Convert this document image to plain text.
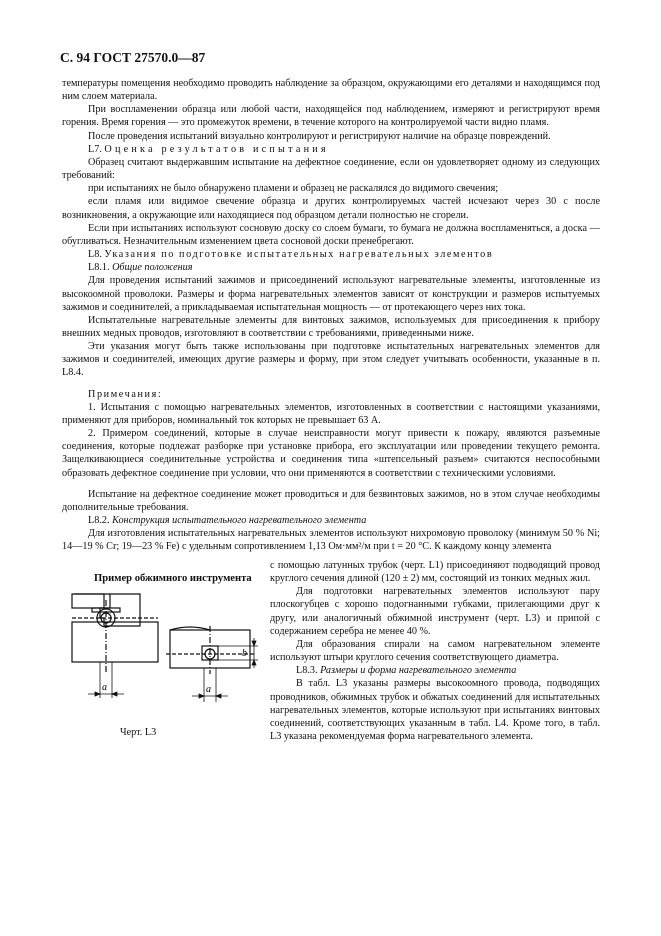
С. 94 ГОСТ 27570.0—87

температуры помещения необходимо проводить наблюдение за образцом, окружающими его деталями и находящимся под ним слоем материала.

При воспламенении образца или любой части, находящейся под наблюдением, измеряют и регистрируют время горения. Время горения — это промежуток времени, в течение которого на контролируемой части видно пламя.

После проведения испытаний визуально контролируют и регистрируют наличие на образце повреждений.

L7. Оценка результатов испытания

Образец считают выдержавшим испытание на дефектное соединение, если он удовлетворяет одному из следующих требований:

при испытаниях не было обнаружено пламени и образец не раскалялся до видимого свечения;

если пламя или видимое свечение образца и других контролируемых частей исчезают через 30 с после возникновения, а окружающие или находящиеся под образцом детали полностью не сгорели.

Если при испытаниях используют сосновую доску со слоем бумаги, то бумага не должна воспламеняться, а доска — обугливаться. Незначительным изменением цвета сосновой доски пренебрегают.

L8. Указания по подготовке испытательных нагревательных элементов

L8.1. Общие положения

Для проведения испытаний зажимов и присоединений используют нагревательные элементы, изготовленные из высокоомной проволоки. Размеры и форма нагревательных элементов зависят от конструкции и размеров испытуемых зажимов и соединителей, а прикладываемая испытательная мощность — от протекающего через них тока.

Испытательные нагревательные элементы для винтовых зажимов, используемых для присоединения к прибору внешних медных проводов, изготовляют в соответствии с требованиями, приведенными ниже.

Эти указания могут быть также использованы при подготовке испытательных нагревательных элементов для зажимов и соединителей, имеющих другие размеры и форму, при этом следует учитывать особенности, указанные в п. L8.4.

Примечания:

1. Испытания с помощью нагревательных элементов, изготовленных в соответствии с настоящими указаниями, применяют для приборов, номинальный ток которых не превышает 63 А.

2. Примером соединений, которые в случае неисправности могут привести к пожару, являются разъемные соединения, которые подлежат разборке при установке прибора, его эксплуатации или проведении текущего ремонта. Защелкивающиеся соединительные устройства и соединения типа «штепсельный разъем» считаются неспособными образовать дефектное соединение при условии, что они применяются в соответствии с техническими условиями.

Испытание на дефектное соединение может проводиться и для безвинтовых зажимов, но в этом случае необходимы дополнительные требования.

L8.2. Конструкция испытательного нагревательного элемента

Для изготовления испытательных нагревательных элементов используют нихромовую проволоку (минимум 50 % Ni; 14—19 % Cr; 19—23 % Fe) с удельным сопротивлением 1,13 Ом·мм²/м при t = 20 °C. К каждому концу элемента

Пример обжимного инструмента
a
b
a
Черт. L3

с помощью латунных трубок (черт. L1) присоединяют подводящий провод круглого сечения длиной (120 ± 2) мм, состоящий из тонких медных жил.

Для подготовки нагревательных элементов используют пару плоскогубцев с хорошо подогнанными губками, прилегающими друг к другу, или аналогичный обжимной инструмент (черт. L3) и припой с содержанием серебра не менее 40 %.

Для образования спирали на самом нагревательном элементе используют штыри круглого сечения соответствующего диаметра.

L8.3. Размеры и форма нагревательного элемента

В табл. L3 указаны размеры высокоомного провода, подводящих проводников, обжимных трубок и обжатых соединений для испытательных нагревательных элементов, которые используют при испытаниях винтовых соединений, соответствующих указанным в табл. L4. Кроме того, в табл. L3 указана рекомендуемая форма нагревательного элемента.
